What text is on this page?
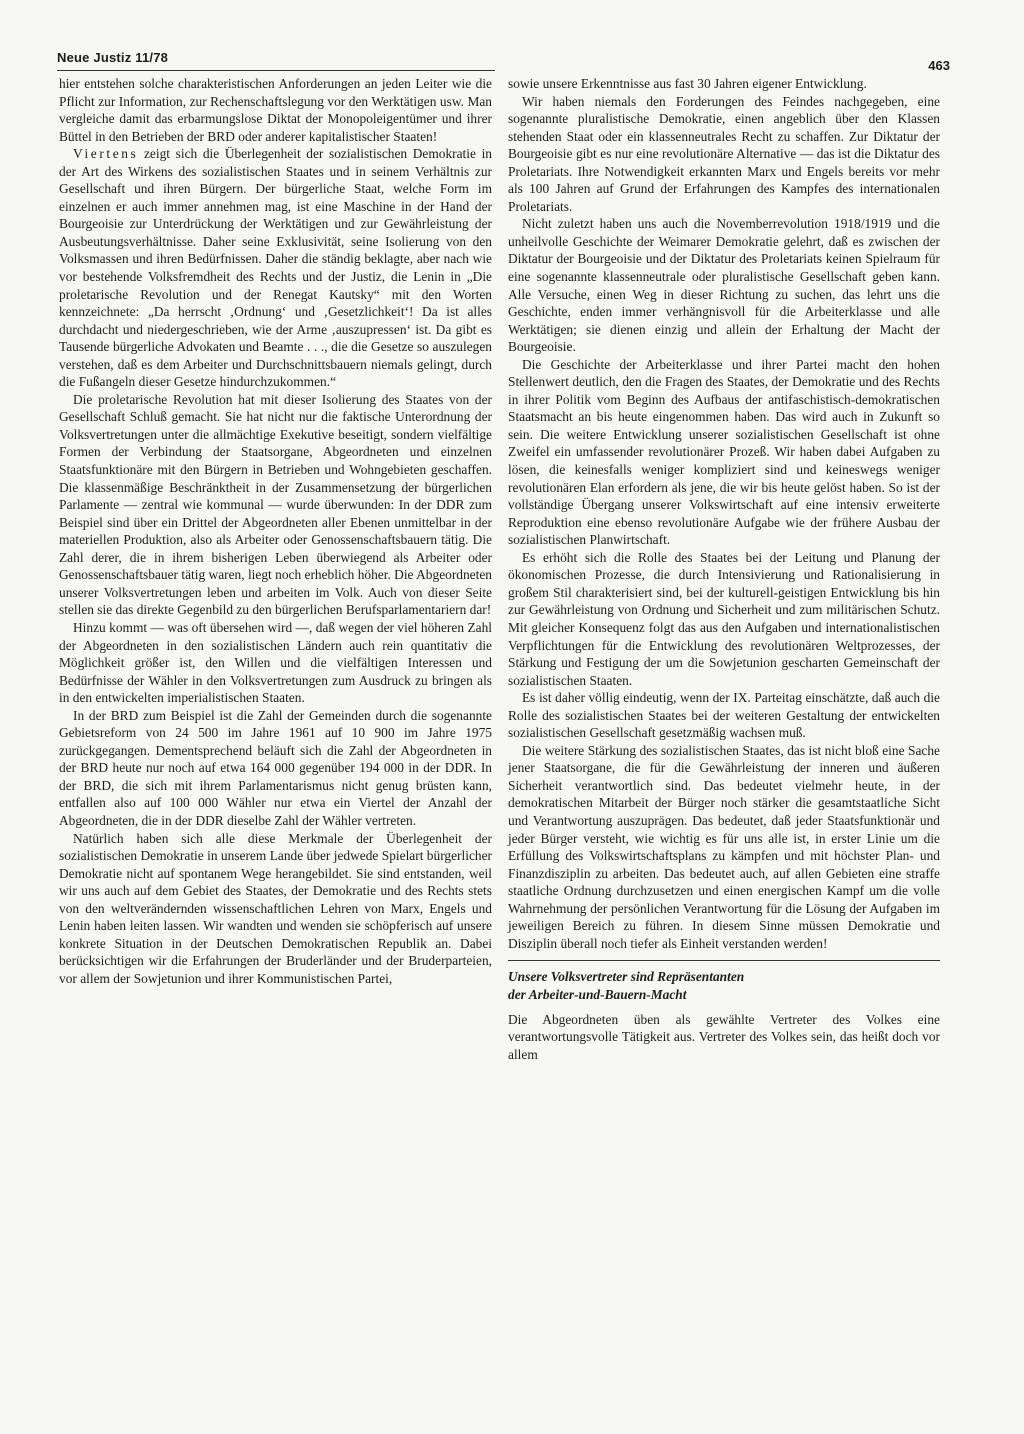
Neue Justiz 11/78
463

hier entstehen solche charakteristischen Anforderungen an jeden Leiter wie die Pflicht zur Information, zur Rechenschaftslegung vor den Werktätigen usw. Man vergleiche damit das erbarmungslose Diktat der Monopoleigentümer und ihrer Büttel in den Betrieben der BRD oder anderer kapitalistischer Staaten!

Viertens zeigt sich die Überlegenheit der sozialistischen Demokratie in der Art des Wirkens des sozialistischen Staates und in seinem Verhältnis zur Gesellschaft und ihren Bürgern. Der bürgerliche Staat, welche Form im einzelnen er auch immer annehmen mag, ist eine Maschine in der Hand der Bourgeoisie zur Unterdrückung der Werktätigen und zur Gewährleistung der Ausbeutungsverhältnisse. Daher seine Exklusivität, seine Isolierung von den Volksmassen und ihren Bedürfnissen. Daher die ständig beklagte, aber nach wie vor bestehende Volksfremdheit des Rechts und der Justiz, die Lenin in „Die proletarische Revolution und der Renegat Kautsky“ mit den Worten kennzeichnete: „Da herrscht ‚Ordnung‘ und ‚Gesetzlichkeit‘! Da ist alles durchdacht und niedergeschrieben, wie der Arme ‚auszupressen‘ ist. Da gibt es Tausende bürgerliche Advokaten und Beamte . . ., die die Gesetze so auszulegen verstehen, daß es dem Arbeiter und Durchschnittsbauern niemals gelingt, durch die Fußangeln dieser Gesetze hindurchzukommen.“

Die proletarische Revolution hat mit dieser Isolierung des Staates von der Gesellschaft Schluß gemacht. Sie hat nicht nur die faktische Unterordnung der Volksvertretungen unter die allmächtige Exekutive beseitigt, sondern vielfältige Formen der Verbindung der Staatsorgane, Abgeordneten und einzelnen Staatsfunktionäre mit den Bürgern in Betrieben und Wohngebieten geschaffen. Die klassenmäßige Beschränktheit in der Zusammensetzung der bürgerlichen Parlamente — zentral wie kommunal — wurde überwunden: In der DDR zum Beispiel sind über ein Drittel der Abgeordneten aller Ebenen unmittelbar in der materiellen Produktion, also als Arbeiter oder Genossenschaftsbauern tätig. Die Zahl derer, die in ihrem bisherigen Leben überwiegend als Arbeiter oder Genossenschaftsbauer tätig waren, liegt noch erheblich höher. Die Abgeordneten unserer Volksvertretungen leben und arbeiten im Volk. Auch von dieser Seite stellen sie das direkte Gegenbild zu den bürgerlichen Berufsparlamentariern dar!

Hinzu kommt — was oft übersehen wird —, daß wegen der viel höheren Zahl der Abgeordneten in den sozialistischen Ländern auch rein quantitativ die Möglichkeit größer ist, den Willen und die vielfältigen Interessen und Bedürfnisse der Wähler in den Volksvertretungen zum Ausdruck zu bringen als in den entwickelten imperialistischen Staaten.

In der BRD zum Beispiel ist die Zahl der Gemeinden durch die sogenannte Gebietsreform von 24 500 im Jahre 1961 auf 10 900 im Jahre 1975 zurückgegangen. Dementsprechend beläuft sich die Zahl der Abgeordneten in der BRD heute nur noch auf etwa 164 000 gegenüber 194 000 in der DDR. In der BRD, die sich mit ihrem Parlamentarismus nicht genug brüsten kann, entfallen also auf 100 000 Wähler nur etwa ein Viertel der Anzahl der Abgeordneten, die in der DDR dieselbe Zahl der Wähler vertreten.

Natürlich haben sich alle diese Merkmale der Überlegenheit der sozialistischen Demokratie in unserem Lande über jedwede Spielart bürgerlicher Demokratie nicht auf spontanem Wege herangebildet. Sie sind entstanden, weil wir uns auch auf dem Gebiet des Staates, der Demokratie und des Rechts stets von den weltverändernden wissenschaftlichen Lehren von Marx, Engels und Lenin haben leiten lassen. Wir wandten und wenden sie schöpferisch auf unsere konkrete Situation in der Deutschen Demokratischen Republik an. Dabei berücksichtigen wir die Erfahrungen der Bruderländer und der Bruderparteien, vor allem der Sowjetunion und ihrer Kommunistischen Partei,

sowie unsere Erkenntnisse aus fast 30 Jahren eigener Entwicklung.

Wir haben niemals den Forderungen des Feindes nachgegeben, eine sogenannte pluralistische Demokratie, einen angeblich über den Klassen stehenden Staat oder ein klassenneutrales Recht zu schaffen. Zur Diktatur der Bourgeoisie gibt es nur eine revolutionäre Alternative — das ist die Diktatur des Proletariats. Ihre Notwendigkeit erkannten Marx und Engels bereits vor mehr als 100 Jahren auf Grund der Erfahrungen des Kampfes des internationalen Proletariats.

Nicht zuletzt haben uns auch die Novemberrevolution 1918/1919 und die unheilvolle Geschichte der Weimarer Demokratie gelehrt, daß es zwischen der Diktatur der Bourgeoisie und der Diktatur des Proletariats keinen Spielraum für eine sogenannte klassenneutrale oder pluralistische Gesellschaft geben kann. Alle Versuche, einen Weg in dieser Richtung zu suchen, das lehrt uns die Geschichte, enden immer verhängnisvoll für die Arbeiterklasse und alle Werktätigen; sie dienen einzig und allein der Erhaltung der Macht der Bourgeoisie.

Die Geschichte der Arbeiterklasse und ihrer Partei macht den hohen Stellenwert deutlich, den die Fragen des Staates, der Demokratie und des Rechts in ihrer Politik vom Beginn des Aufbaus der antifaschistisch-demokratischen Staatsmacht an bis heute eingenommen haben. Das wird auch in Zukunft so sein. Die weitere Entwicklung unserer sozialistischen Gesellschaft ist ohne Zweifel ein umfassender revolutionärer Prozeß. Wir haben dabei Aufgaben zu lösen, die keinesfalls weniger kompliziert sind und keineswegs weniger revolutionären Elan erfordern als jene, die wir bis heute gelöst haben. So ist der vollständige Übergang unserer Volkswirtschaft auf eine intensiv erweiterte Reproduktion eine ebenso revolutionäre Aufgabe wie der frühere Ausbau der sozialistischen Planwirtschaft.

Es erhöht sich die Rolle des Staates bei der Leitung und Planung der ökonomischen Prozesse, die durch Intensivierung und Rationalisierung in großem Stil charakterisiert sind, bei der kulturell-geistigen Entwicklung bis hin zur Gewährleistung von Ordnung und Sicherheit und zum militärischen Schutz. Mit gleicher Konsequenz folgt das aus den Aufgaben und internationalistischen Verpflichtungen für die Entwicklung des revolutionären Weltprozesses, der Stärkung und Festigung der um die Sowjetunion gescharten Gemeinschaft der sozialistischen Staaten.

Es ist daher völlig eindeutig, wenn der IX. Parteitag einschätzte, daß auch die Rolle des sozialistischen Staates bei der weiteren Gestaltung der entwickelten sozialistischen Gesellschaft gesetzmäßig wachsen muß.

Die weitere Stärkung des sozialistischen Staates, das ist nicht bloß eine Sache jener Staatsorgane, die für die Gewährleistung der inneren und äußeren Sicherheit verantwortlich sind. Das bedeutet vielmehr heute, in der demokratischen Mitarbeit der Bürger noch stärker die gesamtstaatliche Sicht und Verantwortung auszuprägen. Das bedeutet, daß jeder Staatsfunktionär und jeder Bürger versteht, wie wichtig es für uns alle ist, in erster Linie um die Erfüllung des Volkswirtschaftsplans zu kämpfen und mit höchster Plan- und Finanzdisziplin zu arbeiten. Das bedeutet auch, auf allen Gebieten eine straffe staatliche Ordnung durchzusetzen und einen energischen Kampf um die volle Wahrnehmung der persönlichen Verantwortung für die Lösung der Aufgaben im jeweiligen Bereich zu führen. In diesem Sinne müssen Demokratie und Disziplin überall noch tiefer als Einheit verstanden werden!

Unsere Volksvertreter sind Repräsentanten
der Arbeiter-und-Bauern-Macht

Die Abgeordneten üben als gewählte Vertreter des Volkes eine verantwortungsvolle Tätigkeit aus. Vertreter des Volkes sein, das heißt doch vor allem
